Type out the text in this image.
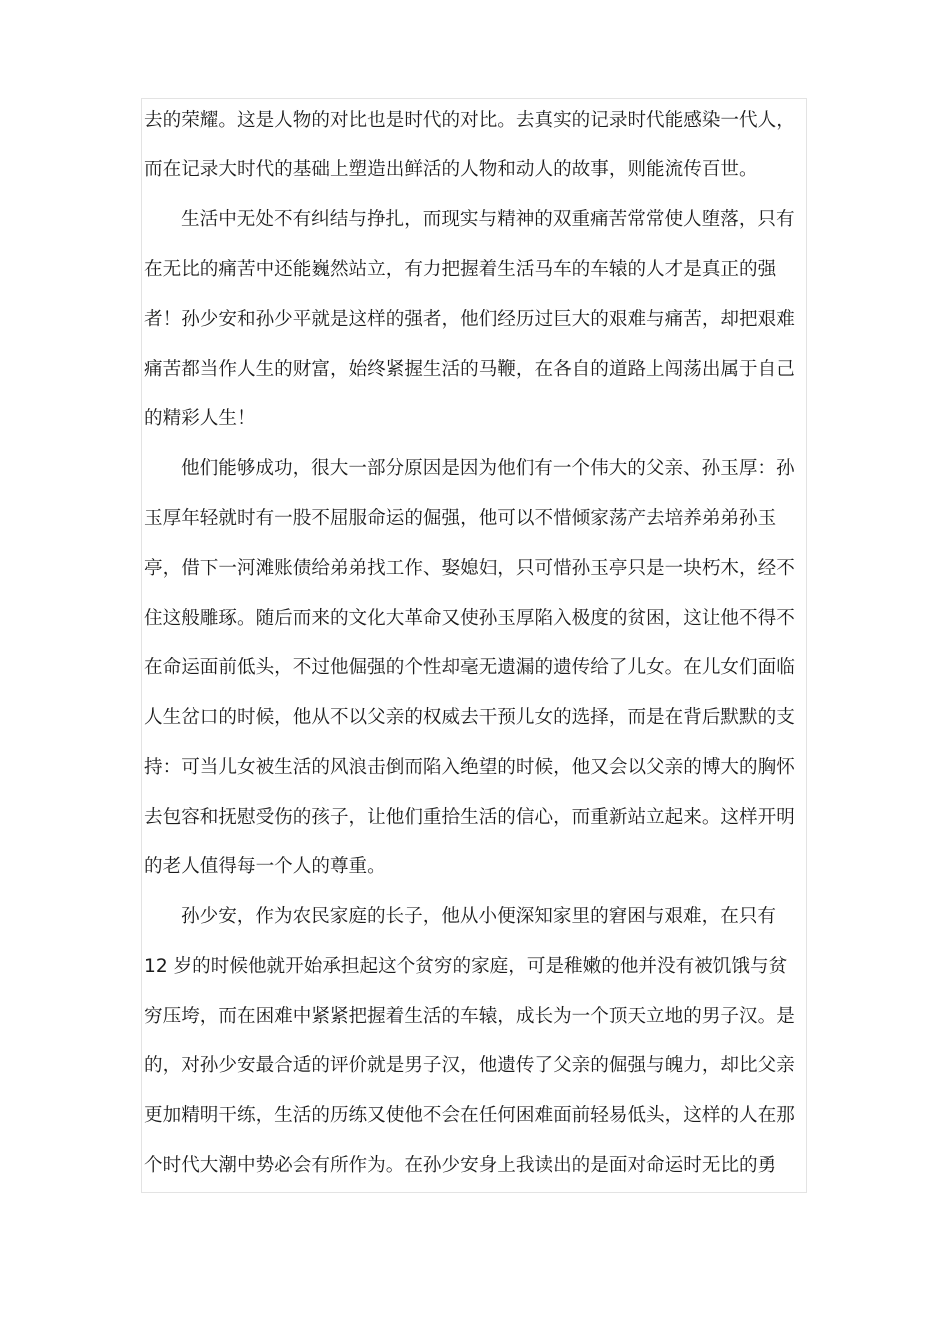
去的荣耀。这是人物的对比也是时代的对比。去真实的记录时代能感染一代人，
而在记录大时代的基础上塑造出鲜活的人物和动人的故事，则能流传百世。
生活中无处不有纠结与挣扎，而现实与精神的双重痛苦常常使人堕落，只有
在无比的痛苦中还能巍然站立，有力把握着生活马车的车辕的人才是真正的强
者！孙少安和孙少平就是这样的强者，他们经历过巨大的艰难与痛苦，却把艰难
痛苦都当作人生的财富，始终紧握生活的马鞭，在各自的道路上闯荡出属于自己
的精彩人生！
他们能够成功，很大一部分原因是因为他们有一个伟大的父亲、孙玉厚：孙
玉厚年轻就时有一股不屈服命运的倔强，他可以不惜倾家荡产去培养弟弟孙玉
亭，借下一河滩账债给弟弟找工作、娶媳妇，只可惜孙玉亭只是一块朽木，经不
住这般雕琢。随后而来的文化大革命又使孙玉厚陷入极度的贫困，这让他不得不
在命运面前低头，不过他倔强的个性却毫无遗漏的遗传给了儿女。在儿女们面临
人生岔口的时候，他从不以父亲的权威去干预儿女的选择，而是在背后默默的支
持：可当儿女被生活的风浪击倒而陷入绝望的时候，他又会以父亲的博大的胸怀
去包容和抚慰受伤的孩子，让他们重拾生活的信心，而重新站立起来。这样开明
的老人值得每一个人的尊重。
孙少安，作为农民家庭的长子，他从小便深知家里的窘困与艰难，在只有
12 岁的时候他就开始承担起这个贫穷的家庭，可是稚嫩的他并没有被饥饿与贫
穷压垮，而在困难中紧紧把握着生活的车辕，成长为一个顶天立地的男子汉。是
的，对孙少安最合适的评价就是男子汉，他遗传了父亲的倔强与魄力，却比父亲
更加精明干练，生活的历练又使他不会在任何困难面前轻易低头，这样的人在那
个时代大潮中势必会有所作为。在孙少安身上我读出的是面对命运时无比的勇
